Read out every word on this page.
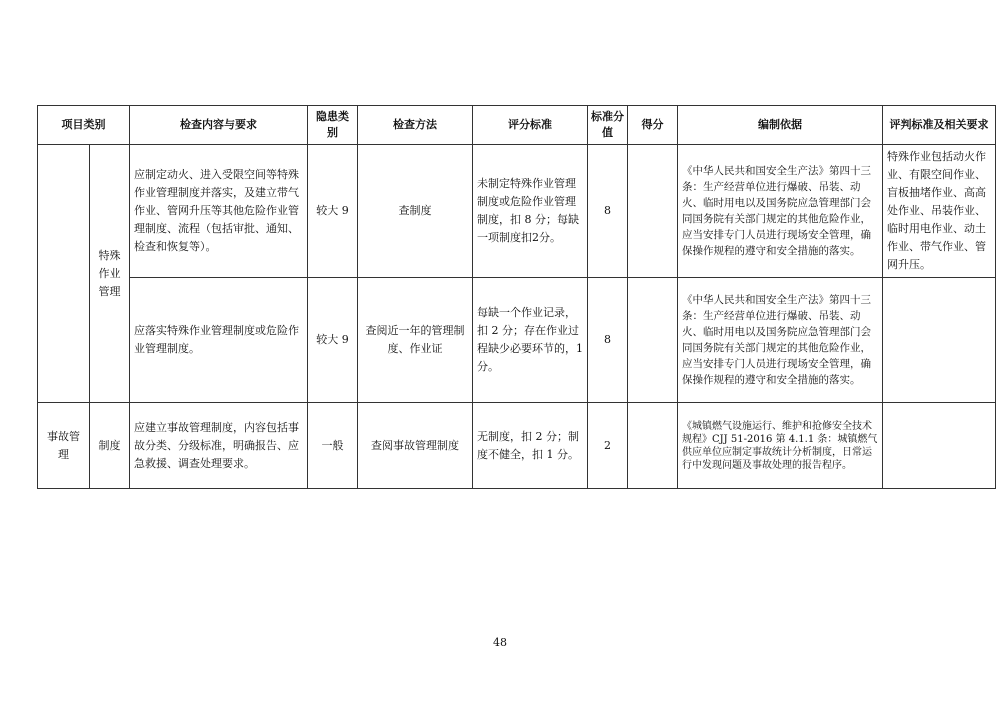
项目类别		检查内容与要求	隐患类别	检查方法	评分标准	标准分值	得分	编制依据	评判标准及相关要求
	特殊作业管理	应制定动火、进入受限空间等特殊作业管理制度并落实，及建立带气作业、管网升压等其他危险作业管理制度、流程（包括审批、通知、检查和恢复等）。	较大 9	查制度	未制定特殊作业管理制度或危险作业管理制度，扣 8 分；每缺一项制度扣2分。	8		《中华人民共和国安全生产法》第四十三条：生产经营单位进行爆破、吊装、动火、临时用电以及国务院应急管理部门会同国务院有关部门规定的其他危险作业，应当安排专门人员进行现场安全管理，确保操作规程的遵守和安全措施的落实。	特殊作业包括动火作业、有限空间作业、盲板抽堵作业、高高处作业、吊装作业、临时用电作业、动土作业、带气作业、管网升压。
		应落实特殊作业管理制度或危险作业管理制度。	较大 9	查阅近一年的管理制度、作业证	每缺一个作业记录，扣 2 分；存在作业过程缺少必要环节的，1 分。	8		《中华人民共和国安全生产法》第四十三条：生产经营单位进行爆破、吊装、动火、临时用电以及国务院应急管理部门会同国务院有关部门规定的其他危险作业，应当安排专门人员进行现场安全管理，确保操作规程的遵守和安全措施的落实。	
事故管理	制度	应建立事故管理制度，内容包括事故分类、分级标准，明确报告、应急救援、调查处理要求。	一般	查阅事故管理制度	无制度，扣 2 分；制度不健全，扣 1 分。	2		《城镇燃气设施运行、维护和抢修安全技术规程》CJJ 51-2016 第 4.1.1 条：城镇燃气供应单位应制定事故统计分析制度，日常运行中发现问题及事故处理的报告程序。	
48
